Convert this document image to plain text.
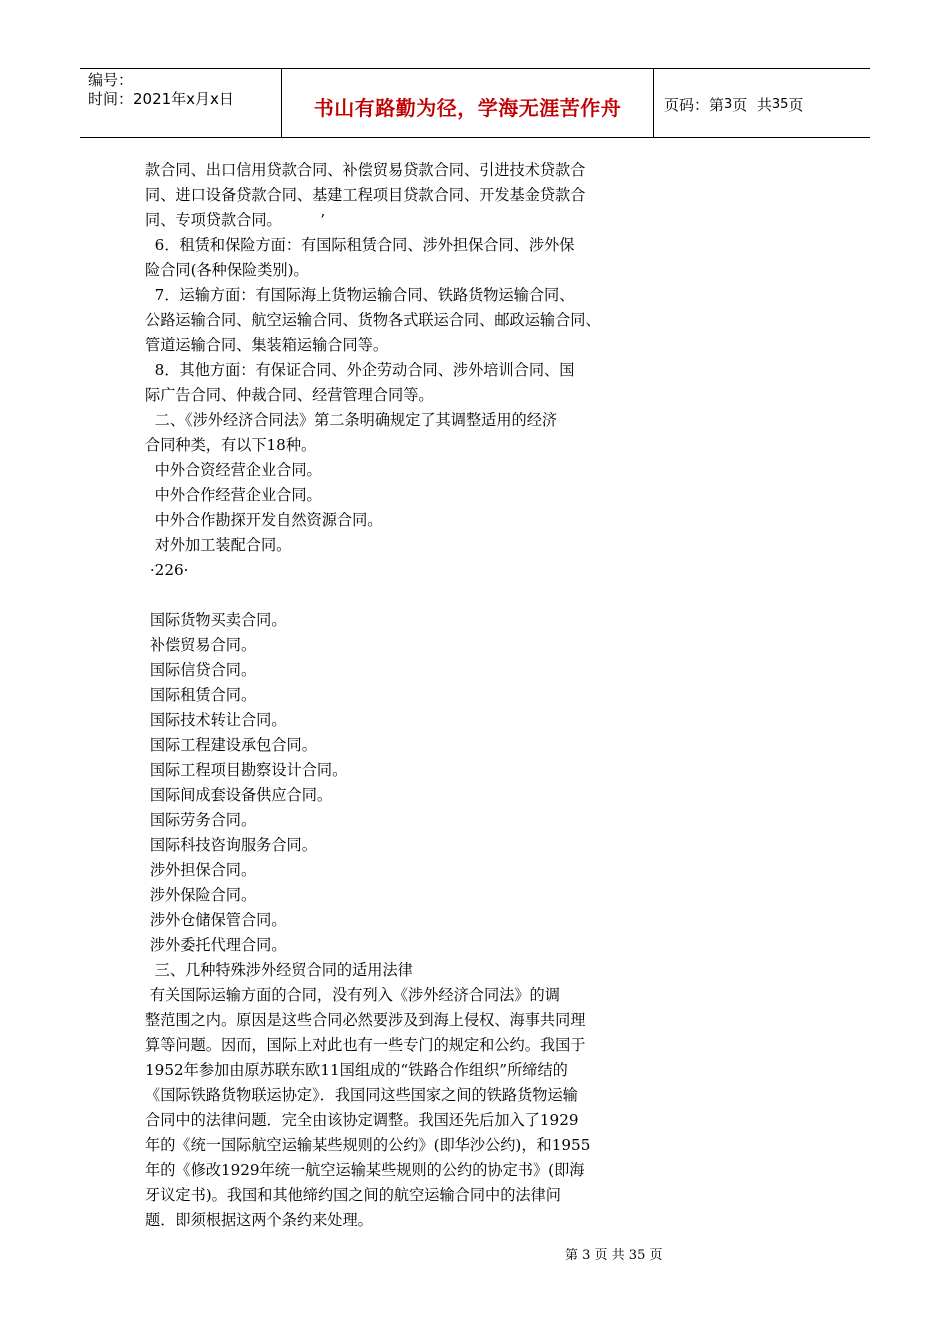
编号：
时间：2021年x月x日	书山有路勤为径，学海无涯苦作舟	页码：第 3 页  共 35 页
款合同、出口信用贷款合同、补偿贸易贷款合同、引进技术贷款合
同、进口设备贷款合同、基建工程项目贷款合同、开发基金贷款合
同、专项贷款合同。        ’
6．租赁和保险方面：有国际租赁合同、涉外担保合同、涉外保
险合同(各种保险类别)。
7．运输方面：有国际海上货物运输合同、铁路货物运输合同、
公路运输合同、航空运输合同、货物各式联运合同、邮政运输合同、
管道运输合同、集装箱运输合同等。
8．其他方面：有保证合同、外企劳动合同、涉外培训合同、国
际广告合同、仲裁合同、经营管理合同等。
二、《涉外经济合同法》第二条明确规定了其调整适用的经济
合同种类，有以下18种。
中外合资经营企业合同。
中外合作经营企业合同。
中外合作勘探开发自然资源合同。
对外加工装配合同。
·226·
国际货物买卖合同。
补偿贸易合同。
国际信贷合同。
国际租赁合同。
国际技术转让合同。
国际工程建设承包合同。
国际工程项目勘察设计合同。
国际间成套设备供应合同。
国际劳务合同。
国际科技咨询服务合同。
涉外担保合同。
涉外保险合同。
涉外仓储保管合同。
涉外委托代理合同。
三、几种特殊涉外经贸合同的适用法律
有关国际运输方面的合同，没有列入《涉外经济合同法》的调
整范围之内。原因是这些合同必然要涉及到海上侵权、海事共同理
算等问题。因而，国际上对此也有一些专门的规定和公约。我国于
1952年参加由原苏联东欧11国组成的“铁路合作组织”所缔结的
《国际铁路货物联运协定》．我国同这些国家之间的铁路货物运输
合同中的法律问题．完全由该协定调整。我国还先后加入了1929
年的《统一国际航空运输某些规则的公约》(即华沙公约)，和1955
年的《修改1929年统一航空运输某些规则的公约的协定书》(即海
牙议定书)。我国和其他缔约国之间的航空运输合同中的法律问
题．即须根据这两个条约来处理。
第 3 页 共 35 页
